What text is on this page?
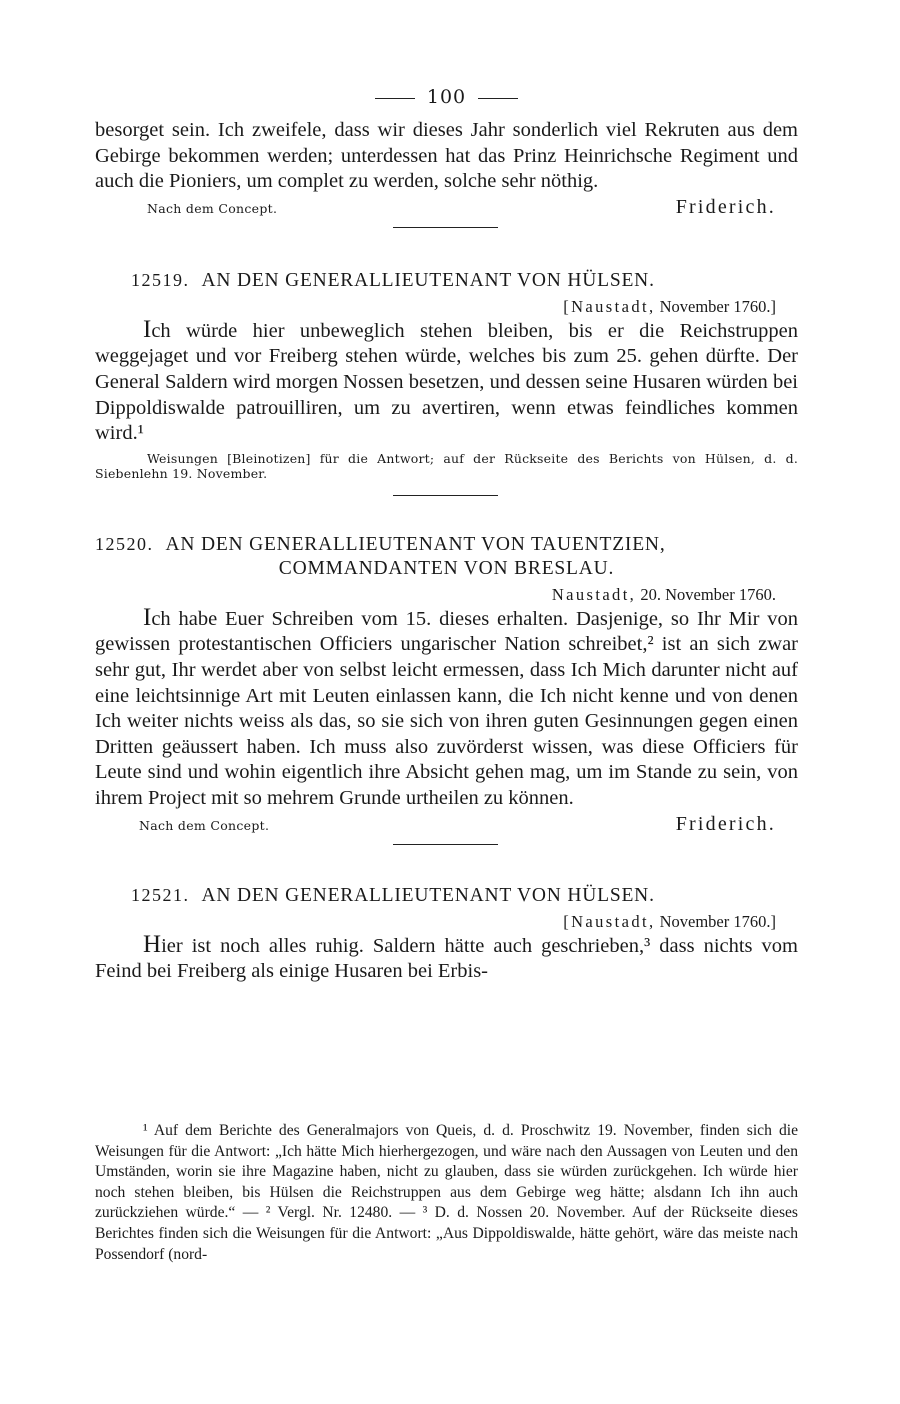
100

besorget sein. Ich zweifele, dass wir dieses Jahr sonderlich viel Rekruten aus dem Gebirge bekommen werden; unterdessen hat das Prinz Heinrichsche Regiment und auch die Pioniers, um complet zu werden, solche sehr nöthig.

Nach dem Concept.	Friderich.
12519. AN DEN GENERALLIEUTENANT VON HÜLSEN.
[Naustadt, November 1760.]

Ich würde hier unbeweglich stehen bleiben, bis er die Reichstruppen weggejaget und vor Freiberg stehen würde, welches bis zum 25. gehen dürfte. Der General Saldern wird morgen Nossen besetzen, und dessen seine Husaren würden bei Dippoldiswalde patrouilliren, um zu avertiren, wenn etwas feindliches kommen wird.¹

Weisungen [Bleinotizen] für die Antwort; auf der Rückseite des Berichts von Hülsen, d. d. Siebenlehn 19. November.
12520. AN DEN GENERALLIEUTENANT VON TAUENTZIEN,
COMMANDANTEN VON BRESLAU.
Naustadt, 20. November 1760.

Ich habe Euer Schreiben vom 15. dieses erhalten. Dasjenige, so Ihr Mir von gewissen protestantischen Officiers ungarischer Nation schreibet,² ist an sich zwar sehr gut, Ihr werdet aber von selbst leicht ermessen, dass Ich Mich darunter nicht auf eine leichtsinnige Art mit Leuten einlassen kann, die Ich nicht kenne und von denen Ich weiter nichts weiss als das, so sie sich von ihren guten Gesinnungen gegen einen Dritten geäussert haben. Ich muss also zuvörderst wissen, was diese Officiers für Leute sind und wohin eigentlich ihre Absicht gehen mag, um im Stande zu sein, von ihrem Project mit so mehrem Grunde urtheilen zu können.

Nach dem Concept.	Friderich.
12521. AN DEN GENERALLIEUTENANT VON HÜLSEN.
[Naustadt, November 1760.]

Hier ist noch alles ruhig. Saldern hätte auch geschrieben,³ dass nichts vom Feind bei Freiberg als einige Husaren bei Erbis-

¹ Auf dem Berichte des Generalmajors von Queis, d. d. Proschwitz 19. November, finden sich die Weisungen für die Antwort: „Ich hätte Mich hierhergezogen, und wäre nach den Aussagen von Leuten und den Umständen, worin sie ihre Magazine haben, nicht zu glauben, dass sie würden zurückgehen. Ich würde hier noch stehen bleiben, bis Hülsen die Reichstruppen aus dem Gebirge weg hätte; alsdann Ich ihn auch zurückziehen würde.“ — ² Vergl. Nr. 12480. — ³ D. d. Nossen 20. November. Auf der Rückseite dieses Berichtes finden sich die Weisungen für die Antwort: „Aus Dippoldiswalde, hätte gehört, wäre das meiste nach Possendorf (nord-
